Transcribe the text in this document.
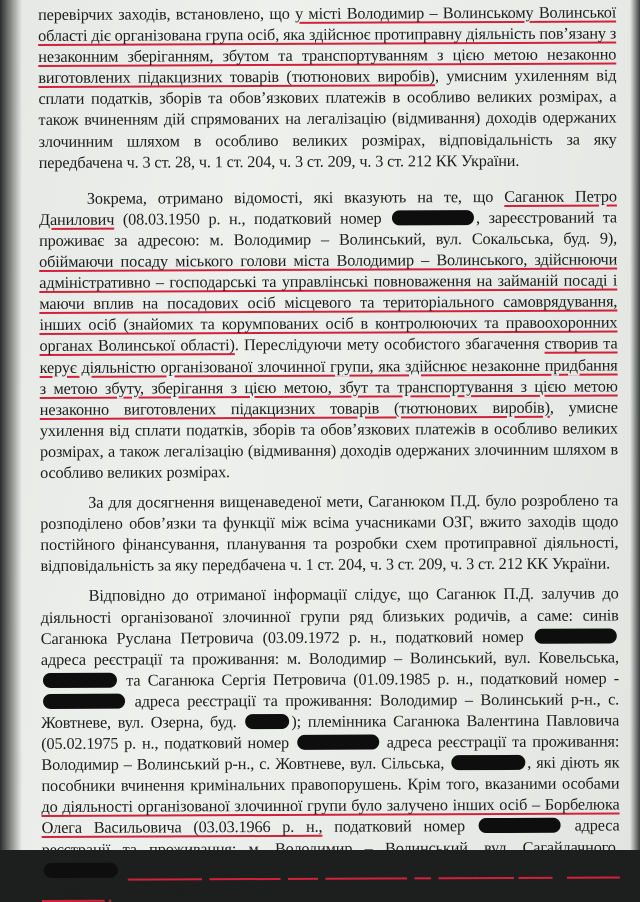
перевірчих заходів, встановлено, що у місті Володимир – Волинському Волинської області діє організована група осіб, яка здійснює протиправну діяльність пов’язану з незаконним зберіганням, збутом та транспортуванням з цією метою незаконно виготовлених підакцизних товарів (тютюнових виробів), умисним ухиленням від сплати податків, зборів та обов’язкових платежів в особливо великих розмірах, а також вчиненням дій спрямованих на легалізацію (відмивання) доходів одержаних злочинним шляхом в особливо великих розмірах, відповідальність за яку передбачена ч. 3 ст. 28, ч. 1 ст. 204, ч. 3 ст. 209, ч. 3 ст. 212 КК України.

Зокрема, отримано відомості, які вказують на те, що Саганюк Петро Данилович (08.03.1950 р. н., податковий номер	, зареєстрований та проживає за адресою: м. Володимир – Волинський, вул. Сокальська, буд. 9), обіймаючи посаду міського голови міста Володимир – Волинського, здійснюючи адміністративно – господарські та управлінські повноваження на займаній посаді і маючи вплив на посадових осіб місцевого та територіального самоврядування, інших осіб (знайомих та корумпованих осіб в контролюючих та правоохоронних органах Волинської області). Переслідуючи мету особистого збагачення створив та керує діяльністю організованої злочинної групи, яка здійснює незаконне придбання з метою збуту, зберігання з цією метою, збут та транспортування з цією метою незаконно виготовлених підакцизних товарів (тютюнових виробів), умисне ухилення від сплати податків, зборів та обов’язкових платежів в особливо великих розмірах, а також легалізацію (відмивання) доходів одержаних злочинним шляхом в особливо великих розмірах.

За для досягнення вищенаведеної мети, Саганюком П.Д. було розроблено та розподілено обов’язки та функції між всіма учасниками ОЗГ, вжито заходів щодо постійного фінансування, планування та розробки схем протиправної діяльності, відповідальність за яку передбачена ч. 1 ст. 204, ч. 3 ст. 209, ч. 3 ст. 212 КК України.

Відповідно до отриманої інформації слідує, що Саганюк П.Д. залучив до діяльності організованої злочинної групи ряд близьких родичів, а саме: синів Саганюка Руслана Петровича (03.09.1972 р. н., податковий номер  адреса реєстрації та проживання: м. Володимир – Волинський, вул. Ковельська,  та Саганюка Сергія Петровича (01.09.1985 р. н., податковий номер -  адреса реєстрації та проживання: Володимир – Волинський р-н., с. Жовтневе, вул. Озерна, буд.	); племінника Саганюка Валентина Павловича (05.02.1975 р. н., податковий номер	адреса реєстрації та проживання: Володимир – Волинський р-н., с. Жовтневе, вул. Сільська,	, які діють як пособники вчинення кримінальних правопорушень. Крім того, вказаними особами до діяльності організованої злочинної групи було залучено інших осіб – Борбелюка Олега Васильовича (03.03.1966 р. н., податковий номер	адреса реєстрації та проживання: м. Володимир – Волинський, вул. Сагайдачного, , який є генеральним директором ТОВ «Гербор-Холдінг» (код ЄДРПОУ – 30088756), юридична
